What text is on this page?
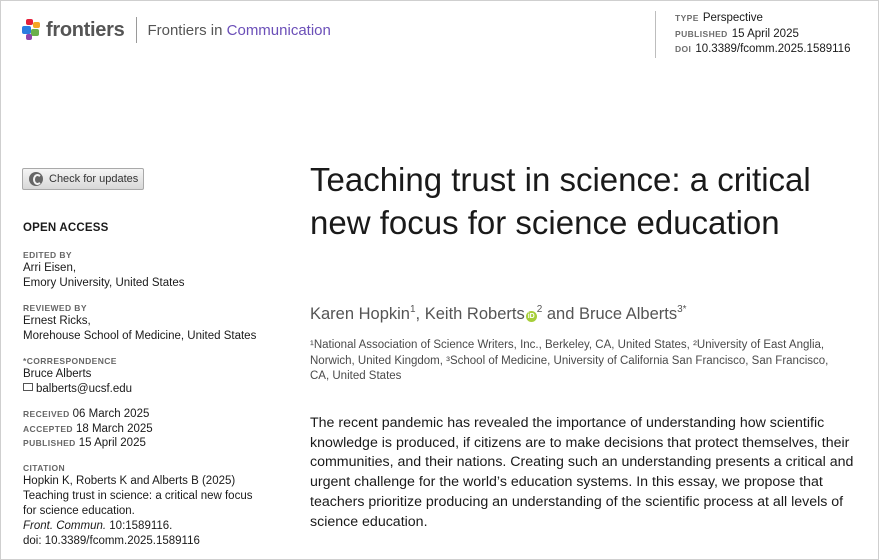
frontiers Frontiers in Communication
TYPE Perspective
PUBLISHED 15 April 2025
DOI 10.3389/fcomm.2025.1589116
Check for updates
OPEN ACCESS
EDITED BY
Arri Eisen,
Emory University, United States
REVIEWED BY
Ernest Ricks,
Morehouse School of Medicine, United States
*CORRESPONDENCE
Bruce Alberts
balberts@ucsf.edu
RECEIVED 06 March 2025
ACCEPTED 18 March 2025
PUBLISHED 15 April 2025
CITATION
Hopkin K, Roberts K and Alberts B (2025)
Teaching trust in science: a critical new focus
for science education.
Front. Commun. 10:1589116.
doi: 10.3389/fcomm.2025.1589116
Teaching trust in science: a critical new focus for science education
Karen Hopkin$^1$, Keith Roberts $iD^2$ and Bruce Alberts$^{3*}$

¹National Association of Science Writers, Inc., Berkeley, CA, United States, ²University of East Anglia, Norwich, United Kingdom, ³School of Medicine, University of California San Francisco, San Francisco, CA, United States

The recent pandemic has revealed the importance of understanding how scientific knowledge is produced, if citizens are to make decisions that protect themselves, their communities, and their nations. Creating such an understanding presents a critical and urgent challenge for the world’s education systems. In this essay, we propose that teachers prioritize producing an understanding of the scientific process at all levels of science education.
